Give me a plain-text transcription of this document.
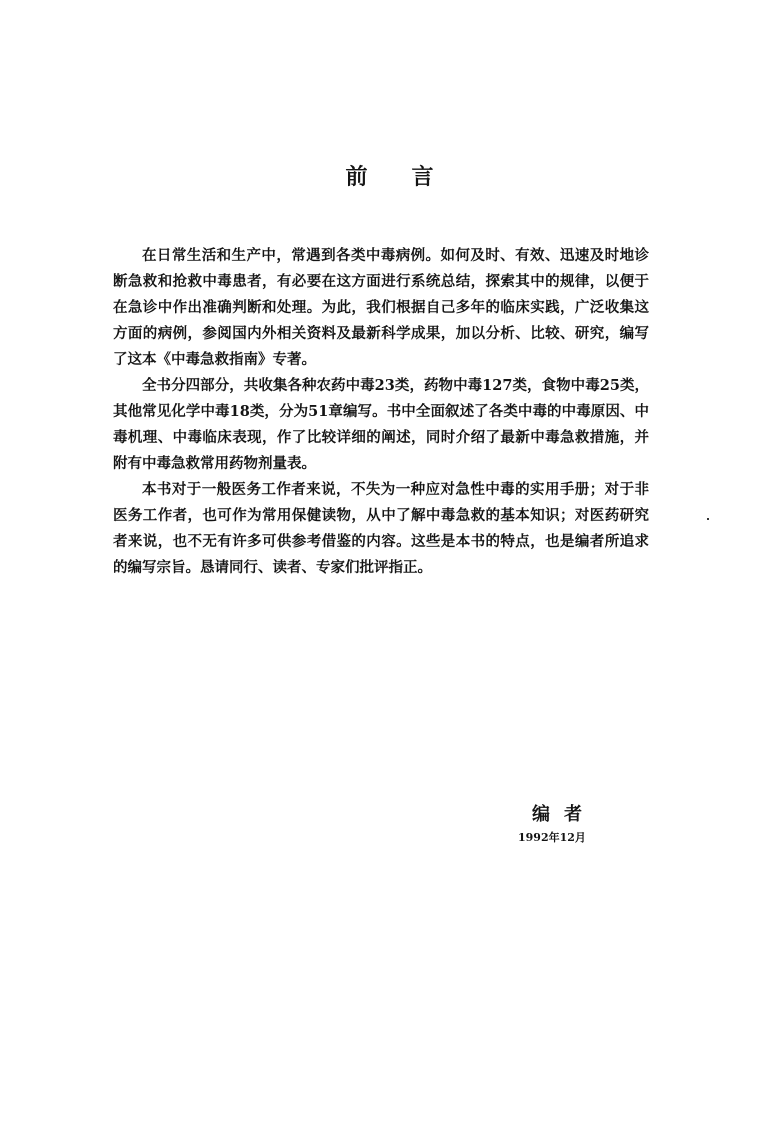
前言

在日常生活和生产中，常遇到各类中毒病例。如何及时、有效、迅速及时地诊断急救和抢救中毒患者，有必要在这方面进行系统总结，探索其中的规律，以便于在急诊中作出准确判断和处理。为此，我们根据自己多年的临床实践，广泛收集这方面的病例，参阅国内外相关资料及最新科学成果，加以分析、比较、研究，编写了这本《中毒急救指南》专著。

全书分四部分，共收集各种农药中毒23类，药物中毒127类，食物中毒25类，其他常见化学中毒18类，分为51章编写。书中全面叙述了各类中毒的中毒原因、中毒机理、中毒临床表现，作了比较详细的阐述，同时介绍了最新中毒急救措施，并附有中毒急救常用药物剂量表。

本书对于一般医务工作者来说，不失为一种应对急性中毒的实用手册；对于非医务工作者，也可作为常用保健读物，从中了解中毒急救的基本知识；对医药研究者来说，也不无有许多可供参考借鉴的内容。这些是本书的特点，也是编者所追求的编写宗旨。恳请同行、读者、专家们批评指正。

编者
1992年12月
